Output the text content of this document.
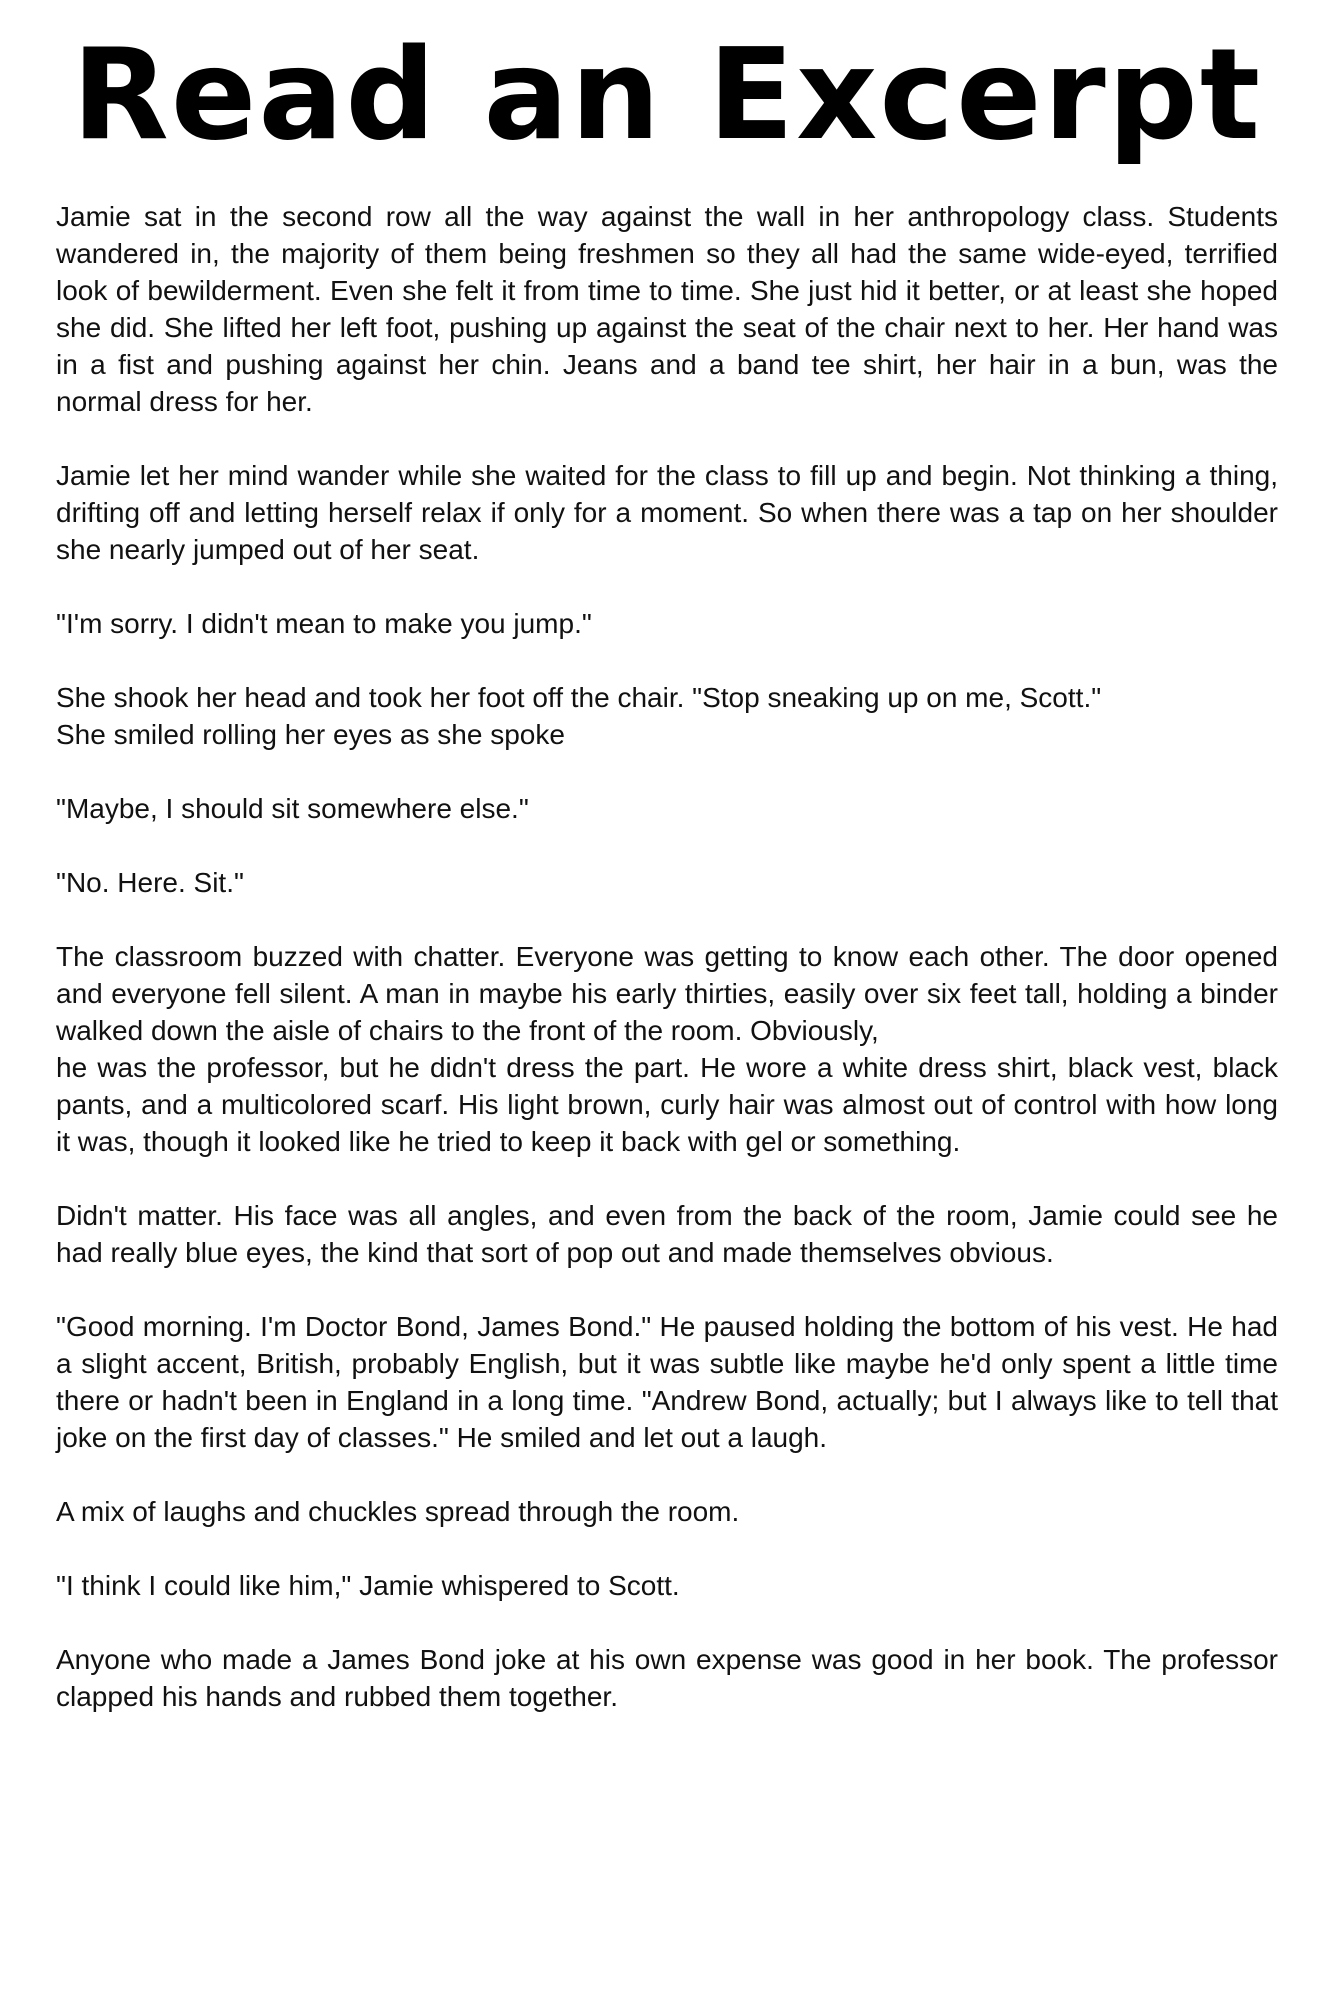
Read an Excerpt

Jamie sat in the second row all the way against the wall in her anthropology class. Students wandered in, the majority of them being freshmen so they all had the same wide-eyed, terrified look of bewilderment. Even she felt it from time to time. She just hid it better, or at least she hoped she did. She lifted her left foot, pushing up against the seat of the chair next to her. Her hand was in a fist and pushing against her chin. Jeans and a band tee shirt, her hair in a bun, was the normal dress for her.

Jamie let her mind wander while she waited for the class to fill up and begin. Not thinking a thing, drifting off and letting herself relax if only for a moment. So when there was a tap on her shoulder she nearly jumped out of her seat.

"I'm sorry. I didn't mean to make you jump."

She shook her head and took her foot off the chair. "Stop sneaking up on me, Scott."
She smiled rolling her eyes as she spoke

"Maybe, I should sit somewhere else."

"No. Here. Sit."

The classroom buzzed with chatter. Everyone was getting to know each other. The door opened and everyone fell silent. A man in maybe his early thirties, easily over six feet tall, holding a binder walked down the aisle of chairs to the front of the room. Obviously,
he was the professor, but he didn't dress the part. He wore a white dress shirt, black vest, black pants, and a multicolored scarf. His light brown, curly hair was almost out of control with how long it was, though it looked like he tried to keep it back with gel or something.

Didn't matter. His face was all angles, and even from the back of the room, Jamie could see he had really blue eyes, the kind that sort of pop out and made themselves obvious.

"Good morning. I'm Doctor Bond, James Bond." He paused holding the bottom of his vest. He had a slight accent, British, probably English, but it was subtle like maybe he'd only spent a little time there or hadn't been in England in a long time. "Andrew Bond, actually; but I always like to tell that joke on the first day of classes." He smiled and let out a laugh.

A mix of laughs and chuckles spread through the room.

"I think I could like him," Jamie whispered to Scott.

Anyone who made a James Bond joke at his own expense was good in her book. The professor clapped his hands and rubbed them together.
